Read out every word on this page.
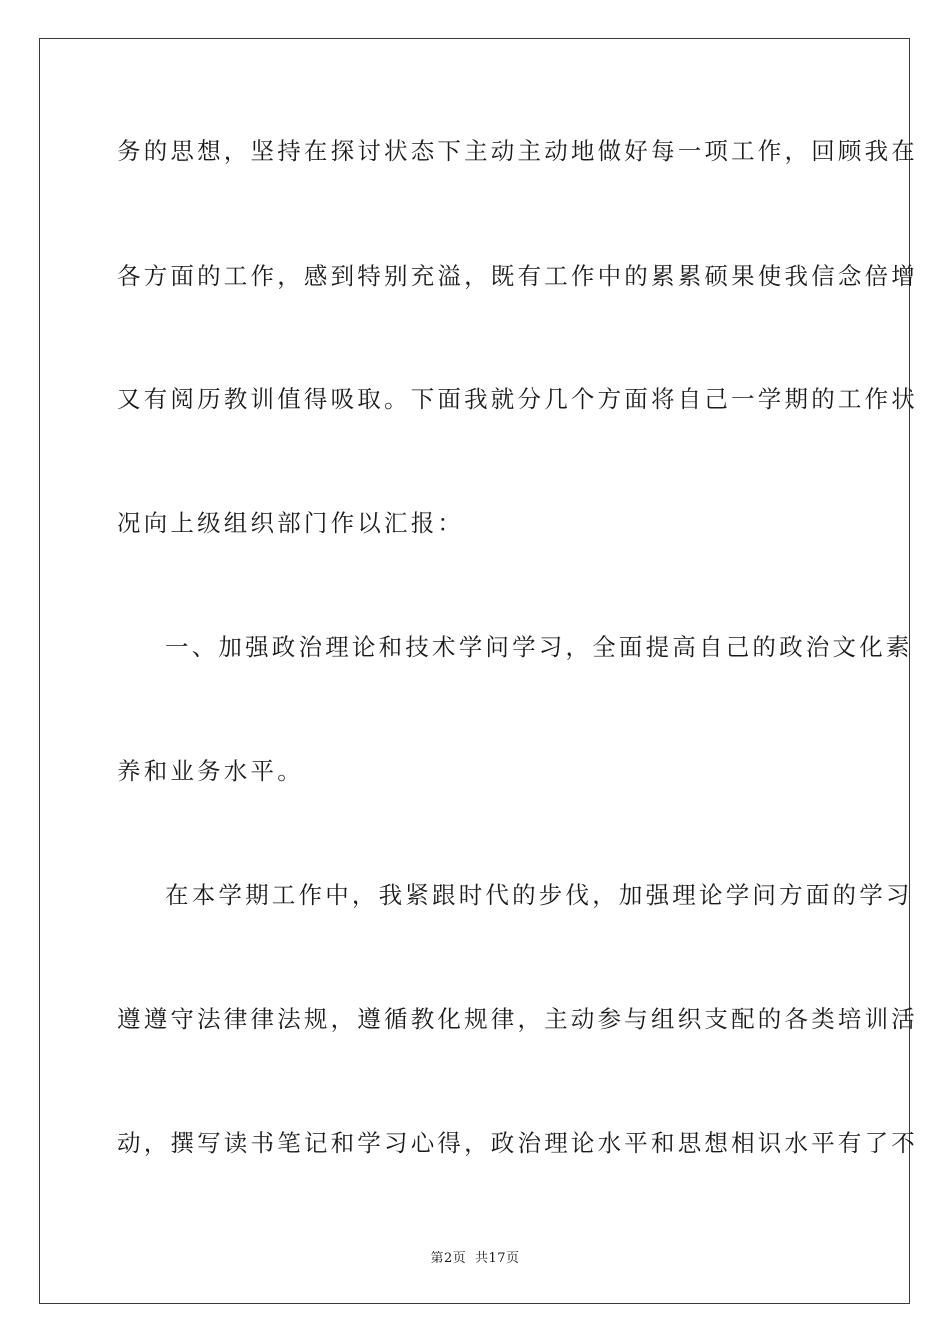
务的思想，坚持在探讨状态下主动主动地做好每一项工作，回顾我在
各方面的工作，感到特别充溢，既有工作中的累累硕果使我信念倍增
又有阅历教训值得吸取。下面我就分几个方面将自己一学期的工作状
况向上级组织部门作以汇报：
一、加强政治理论和技术学问学习，全面提高自己的政治文化素
养和业务水平。
在本学期工作中，我紧跟时代的步伐，加强理论学问方面的学习
遵遵守法律律法规，遵循教化规律，主动参与组织支配的各类培训活
动，撰写读书笔记和学习心得，政治理论水平和思想相识水平有了不
第2页 共17页
